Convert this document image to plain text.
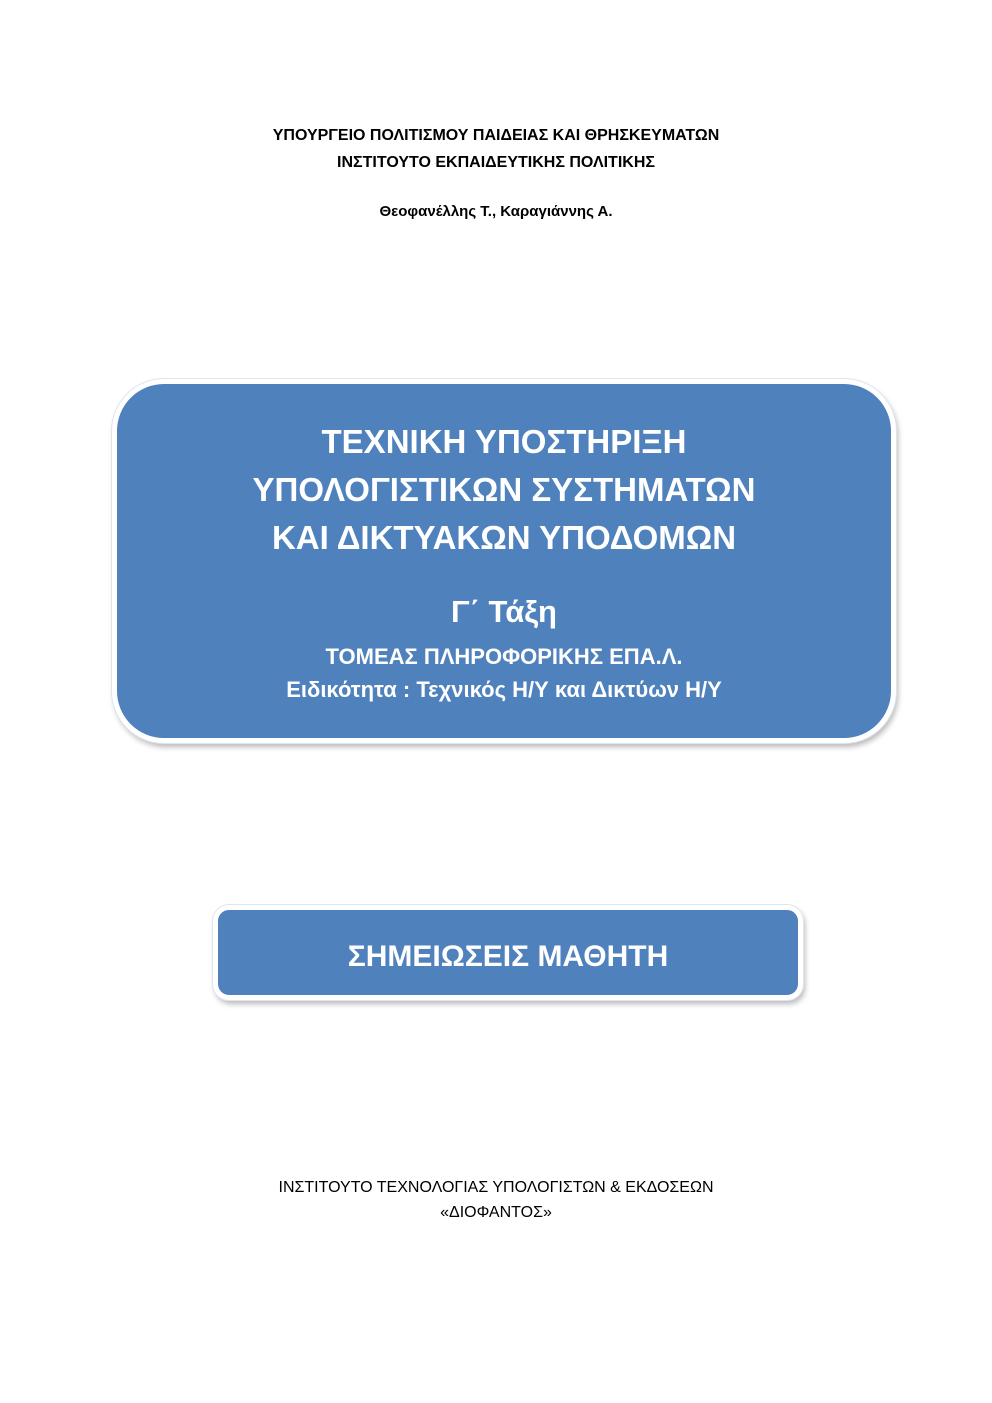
ΥΠΟΥΡΓΕΙΟ ΠΟΛΙΤΙΣΜΟΥ ΠΑΙΔΕΙΑΣ ΚΑΙ ΘΡΗΣΚΕΥΜΑΤΩΝ
ΙΝΣΤΙΤΟΥΤΟ ΕΚΠΑΙΔΕΥΤΙΚΗΣ ΠΟΛΙΤΙΚΗΣ
Θεοφανέλλης Τ., Καραγιάννης Α.
ΤΕΧΝΙΚΗ ΥΠΟΣΤΗΡΙΞΗ
ΥΠΟΛΟΓΙΣΤΙΚΩΝ ΣΥΣΤΗΜΑΤΩΝ
ΚΑΙ ΔΙΚΤΥΑΚΩΝ ΥΠΟΔΟΜΩΝ
Γ΄ Τάξη
ΤΟΜΕΑΣ ΠΛΗΡΟΦΟΡΙΚΗΣ ΕΠΑ.Λ.
Ειδικότητα : Τεχνικός Η/Υ και Δικτύων Η/Υ
ΣΗΜΕΙΩΣΕΙΣ ΜΑΘΗΤΗ
ΙΝΣΤΙΤΟΥΤΟ ΤΕΧΝΟΛΟΓΙΑΣ ΥΠΟΛΟΓΙΣΤΩΝ & ΕΚΔΟΣΕΩΝ
«ΔΙΟΦΑΝΤΟΣ»
